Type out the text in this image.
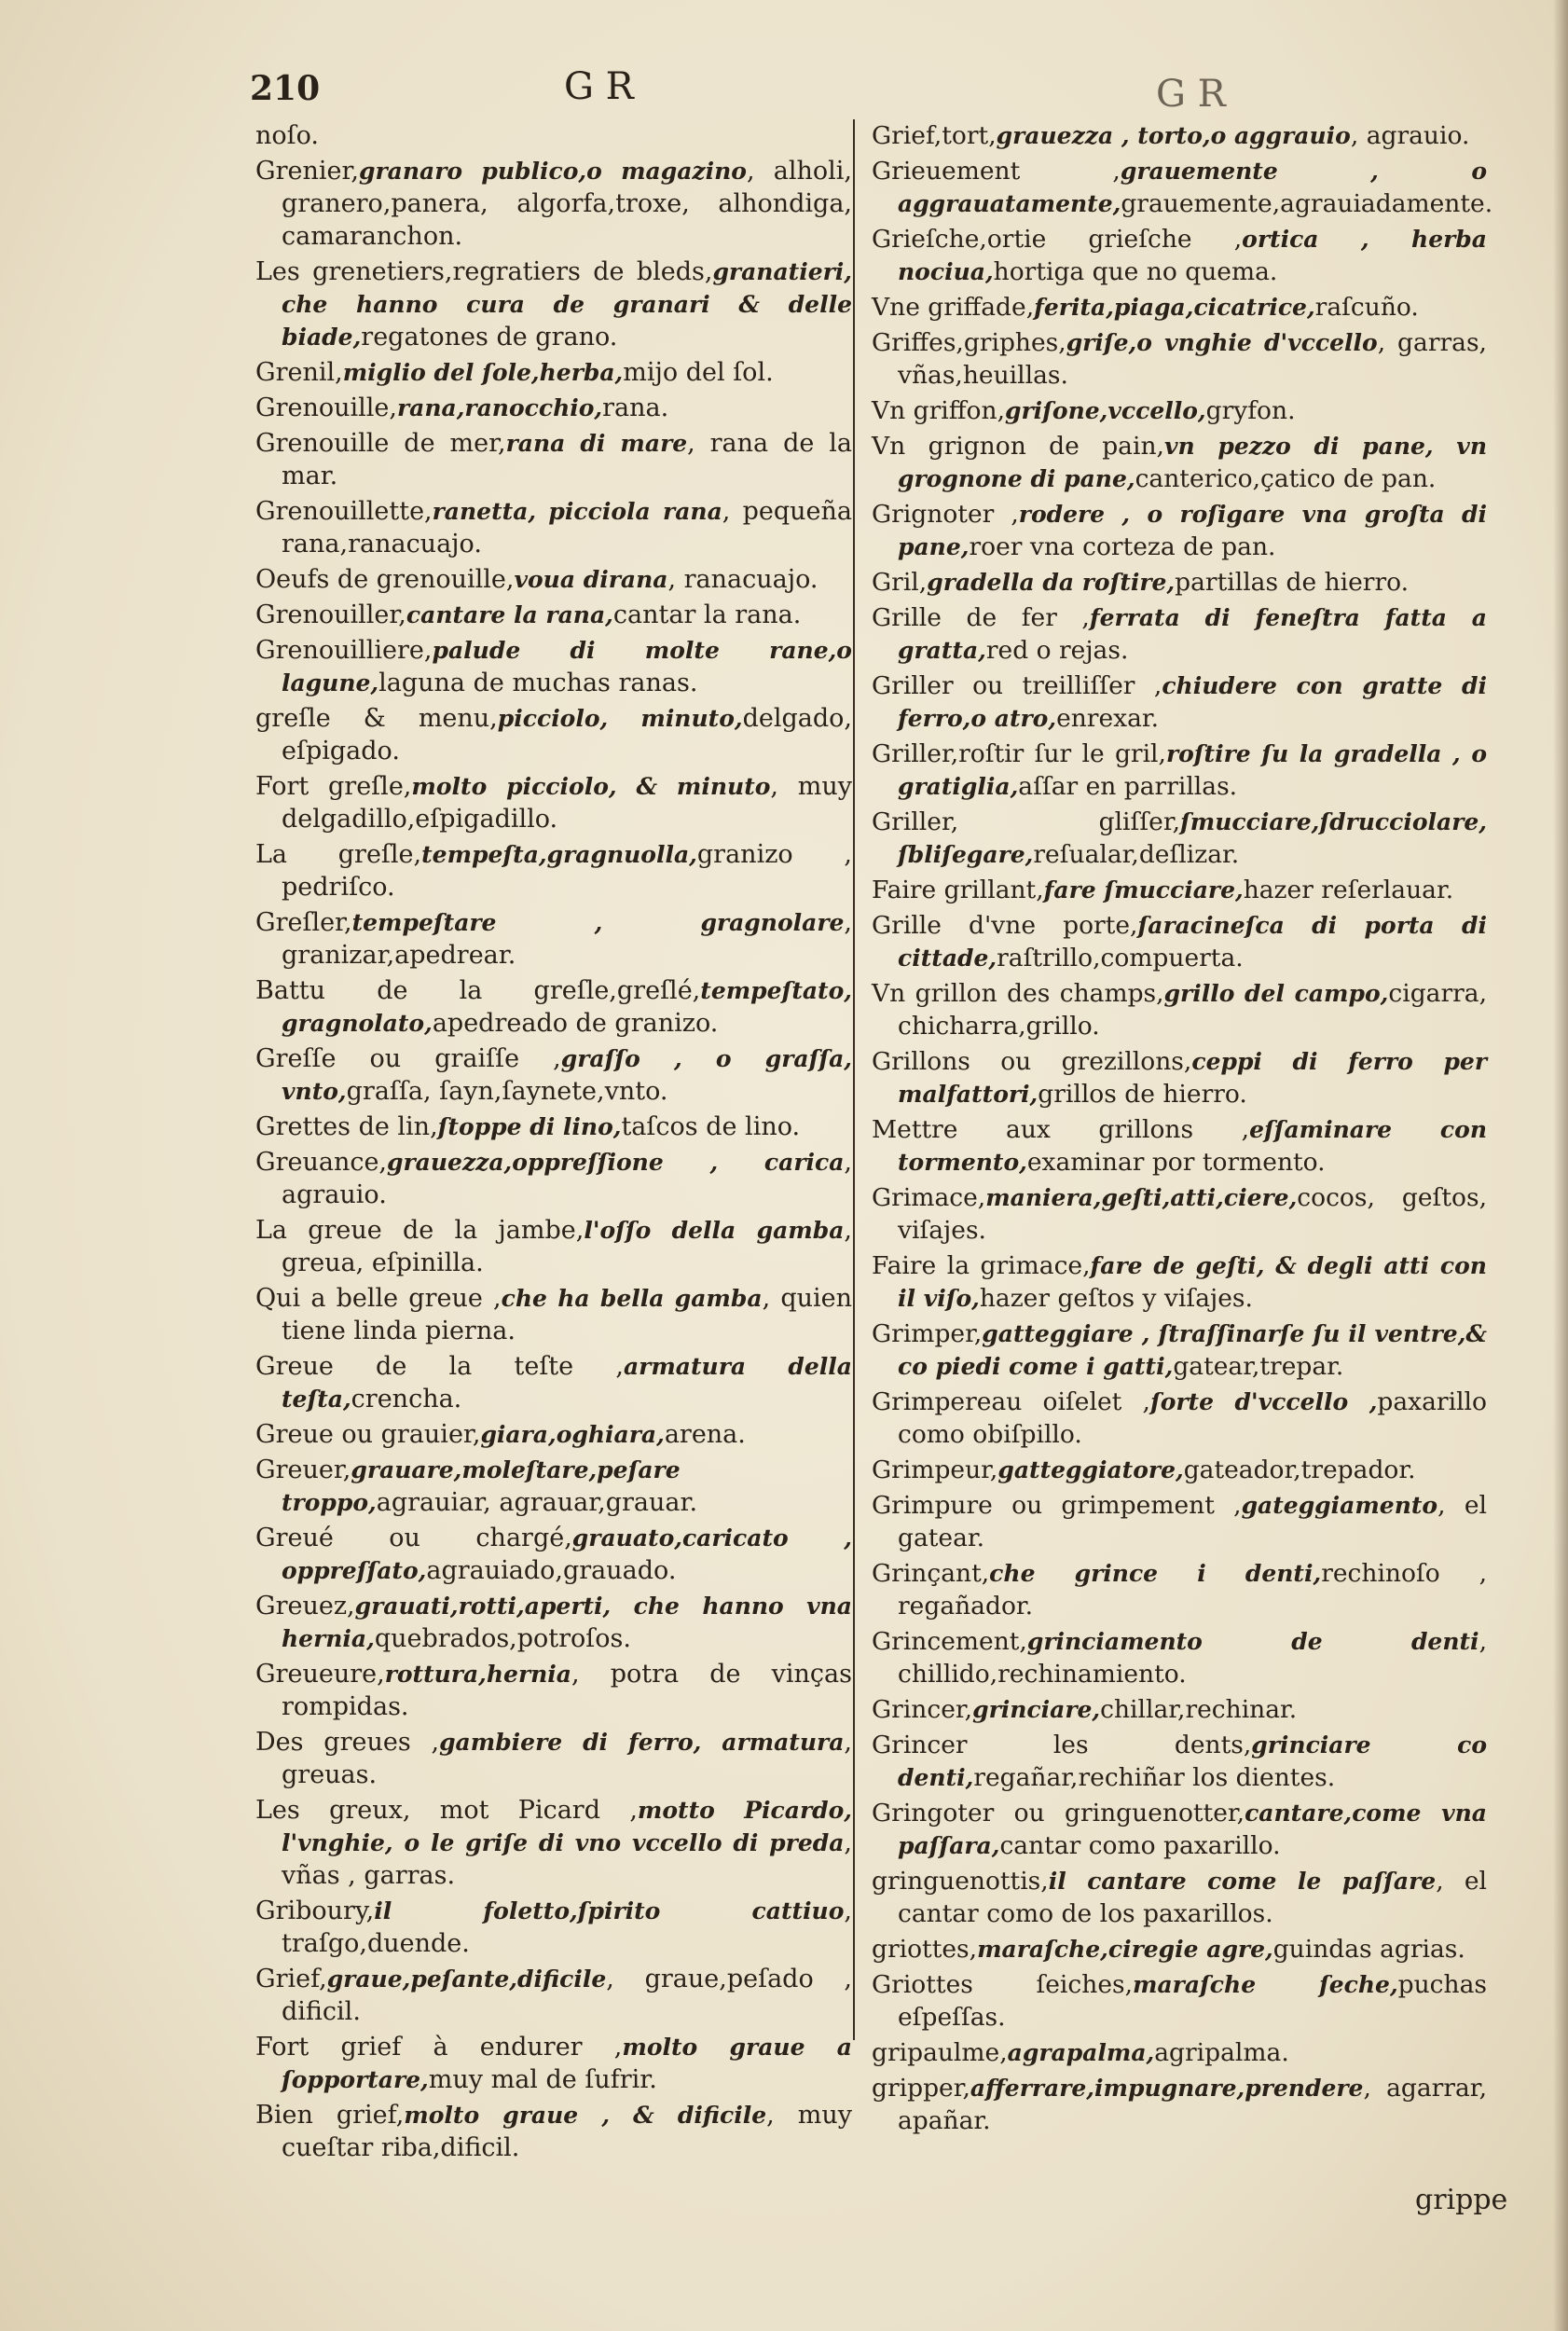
210	G R	G R

noſo.

Grenier,granaro publico,o magazino, alholi, granero,panera, algorfa,troxe, alhondiga, camaranchon.

Les grenetiers,regratiers de bleds,granatieri, che hanno cura de granari & delle biade,regatones de grano.

Grenil,miglio del ſole,herba,mijo del ſol.

Grenouille,rana,ranocchio,rana.

Grenouille de mer,rana di mare, rana de la mar.

Grenouillette,ranetta, picciola rana, pequeña rana,ranacuajo.

Oeufs de grenouille,voua dirana, ranacuajo.

Grenouiller,cantare la rana,cantar la rana.

Grenouilliere,palude di molte rane,o lagune,laguna de muchas ranas.

greſle & menu,picciolo, minuto,delgado, eſpigado.

Fort greſle,molto picciolo, & minuto, muy delgadillo,eſpigadillo.

La greſle,tempeſta,gragnuolla,granizo , pedriſco.

Greſler,tempeſtare , gragnolare, granizar,apedrear.

Battu de la greſle,greſlé,tempeſtato, gragnolato,apedreado de granizo.

Greſſe ou graiſſe ,graſſo , o graſſa, vnto,graſſa, ſayn,ſaynete,vnto.

Grettes de lin,ſtoppe di lino,taſcos de lino.

Greuance,grauezza,oppreſſione , carica, agrauio.

La greue de la jambe,l'oſſo della gamba, greua, eſpinilla.

Qui a belle greue ,che ha bella gamba, quien tiene linda pierna.

Greue de la teſte ,armatura della teſta,crencha.

Greue ou grauier,giara,oghiara,arena.

Greuer,grauare,moleſtare,peſare troppo,agrauiar, agrauar,grauar.

Greué ou chargé,grauato,caricato , oppreſſato,agrauiado,grauado.

Greuez,grauati,rotti,aperti, che hanno vna hernia,quebrados,potroſos.

Greueure,rottura,hernia, potra de vinças rompidas.

Des greues ,gambiere di ferro, armatura, greuas.

Les greux, mot Picard ,motto Picardo, l'vnghie, o le griſe di vno vccello di preda, vñas , garras.

Griboury,il foletto,ſpirito cattiuo, traſgo,duende.

Grief,graue,peſante,dificile, graue,peſado , dificil.

Fort grief à endurer ,molto graue a ſopportare,muy mal de ſufrir.

Bien grief,molto graue , & dificile, muy cueſtar riba,dificil.

Grief,tort,grauezza , torto,o aggrauio, agrauio.

Grieuement ,grauemente , o aggrauatamente,grauemente,agrauiadamente.

Grieſche,ortie grieſche ,ortica , herba nociua,hortiga que no quema.

Vne griffade,ferita,piaga,cicatrice,raſcuño.

Griffes,griphes,griſe,o vnghie d'vccello, garras, vñas,heuillas.

Vn griffon,griſone,vccello,gryfon.

Vn grignon de pain,vn pezzo di pane, vn grognone di pane,canterico,çatico de pan.

Grignoter ,rodere , o roſigare vna groſta di pane,roer vna corteza de pan.

Gril,gradella da roſtire,partillas de hierro.

Grille de fer ,ferrata di feneſtra fatta a gratta,red o rejas.

Griller ou treilliſſer ,chiudere con gratte di ferro,o atro,enrexar.

Griller,roſtir ſur le gril,roſtire ſu la gradella , o gratiglia,aſſar en parrillas.

Griller, gliſſer,ſmucciare,ſdrucciolare, ſbliſegare,reſualar,deſlizar.

Faire grillant,fare ſmucciare,hazer reſerlauar.

Grille d'vne porte,ſaracineſca di porta di cittade,raſtrillo,compuerta.

Vn grillon des champs,grillo del campo,cigarra, chicharra,grillo.

Grillons ou grezillons,ceppi di ferro per malfattori,grillos de hierro.

Mettre aux grillons ,eſſaminare con tormento,examinar por tormento.

Grimace,maniera,geſti,atti,ciere,cocos, geſtos, viſajes.

Faire la grimace,fare de geſti, & degli atti con il viſo,hazer geſtos y viſajes.

Grimper,gatteggiare , ſtraſſinarſe ſu il ventre,& co piedi come i gatti,gatear,trepar.

Grimpereau oiſelet ,ſorte d'vccello ,paxarillo como obiſpillo.

Grimpeur,gatteggiatore,gateador,trepador.

Grimpure ou grimpement ,gateggiamento, el gatear.

Grinçant,che grince i denti,rechinoſo , regañador.

Grincement,grinciamento de denti, chillido,rechinamiento.

Grincer,grinciare,chillar,rechinar.

Grincer les dents,grinciare co denti,regañar,rechiñar los dientes.

Gringoter ou gringuenotter,cantare,come vna paſſara,cantar como paxarillo.

gringuenottis,il cantare come le paſſare, el cantar como de los paxarillos.

griottes,maraſche,ciregie agre,guindas agrias.

Griottes ſeiches,maraſche ſeche,puchas eſpeſſas.

gripaulme,agrapalma,agripalma.

gripper,afferrare,impugnare,prendere, agarrar, apañar.

grippe
